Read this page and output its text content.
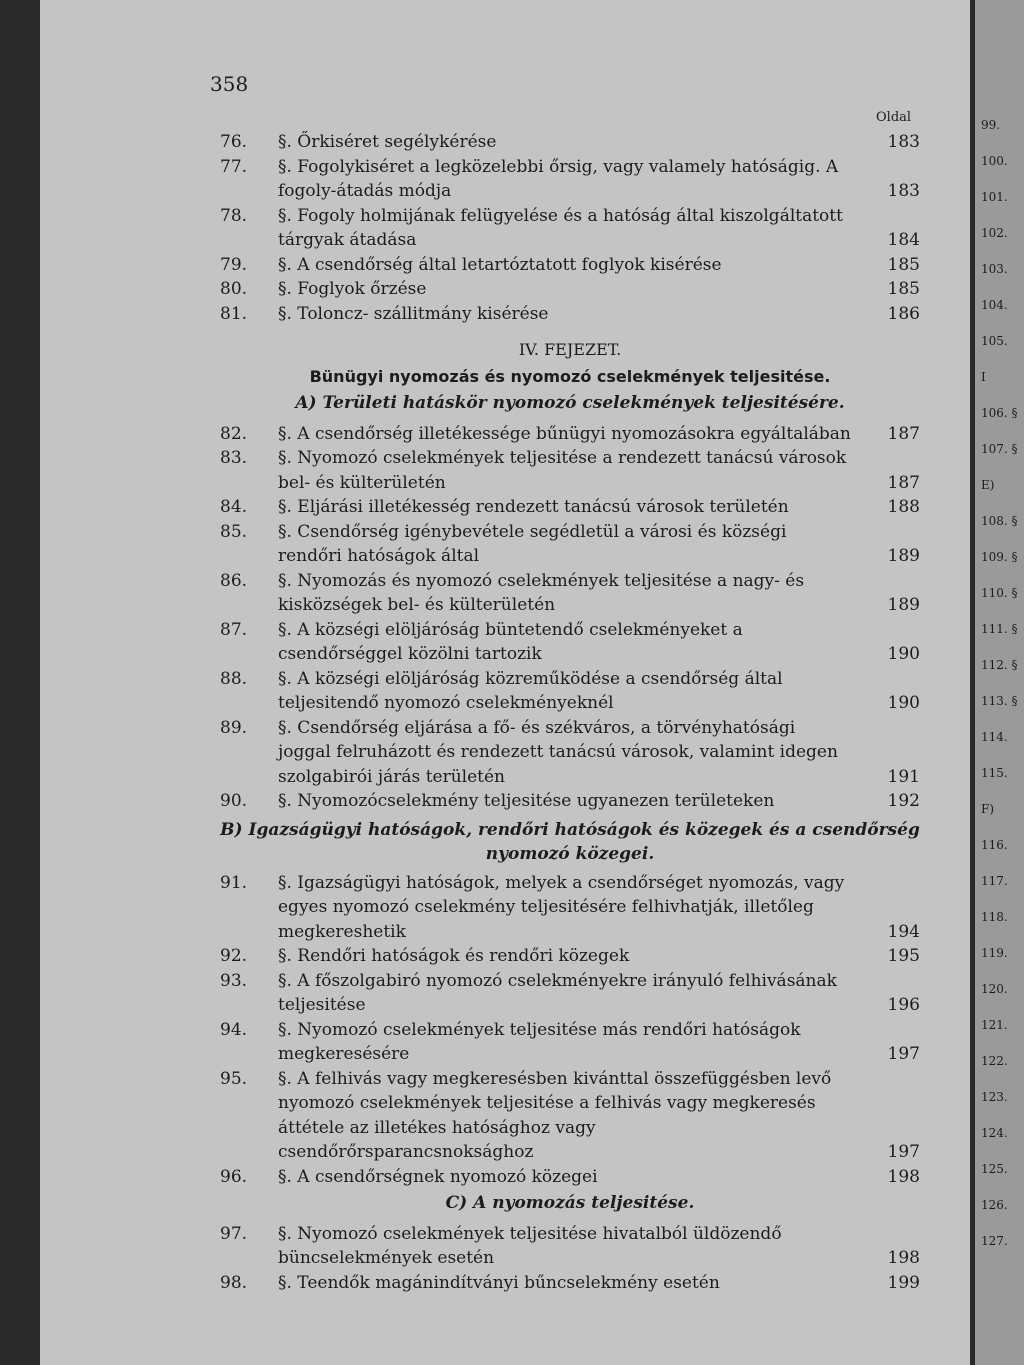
358
Oldal
76.	§. Őrkiséret segélykérése	183
77.	§. Fogolykiséret a legközelebbi őrsig, vagy valamely hatóságig. A fogoly-átadás módja	183
78.	§. Fogoly holmijának felügyelése és a hatóság által kiszolgáltatott tárgyak átadása	184
79.	§. A csendőrség által letartóztatott foglyok kisérése	185
80.	§. Foglyok őrzése	185
81.	§. Toloncz- szállitmány kisérése	186
IV. FEJEZET.
Bünügyi nyomozás és nyomozó cselekmények teljesitése.
A) Területi hatáskör nyomozó cselekmények teljesitésére.
82.	§. A csendőrség illetékessége bűnügyi nyomozásokra egyáltalában	187
83.	§. Nyomozó cselekmények teljesitése a rendezett tanácsú városok bel- és külterületén	187
84.	§. Eljárási illetékesség rendezett tanácsú városok területén	188
85.	§. Csendőrség igénybevétele segédletül a városi és községi rendőri hatóságok által	189
86.	§. Nyomozás és nyomozó cselekmények teljesitése a nagy- és kisközségek bel- és külterületén	189
87.	§. A községi elöljáróság büntetendő cselekményeket a csendőrséggel közölni tartozik	190
88.	§. A községi elöljáróság közreműködése a csendőrség által teljesitendő nyomozó cselekményeknél	190
89.	§. Csendőrség eljárása a fő- és székváros, a törvényhatósági joggal felruházott és rendezett tanácsú városok, valamint idegen szolgabirói járás területén	191
90.	§. Nyomozócselekmény teljesitése ugyanezen területeken	192
B) Igazságügyi hatóságok, rendőri hatóságok és közegek és a csendőrség nyomozó közegei.
91.	§. Igazságügyi hatóságok, melyek a csendőrséget nyomozás, vagy egyes nyomozó cselekmény teljesitésére felhivhatják, illetőleg megkereshetik	194
92.	§. Rendőri hatóságok és rendőri közegek	195
93.	§. A főszolgabiró nyomozó cselekményekre irányuló felhivásának teljesitése	196
94.	§. Nyomozó cselekmények teljesitése más rendőri hatóságok megkeresésére	197
95.	§. A felhivás vagy megkeresésben kivánttal összefüggésben levő nyomozó cselekmények teljesitése a felhivás vagy megkeresés áttétele az illetékes hatósághoz vagy csendőrőrsparancsnoksághoz	197
96.	§. A csendőrségnek nyomozó közegei	198
C) A nyomozás teljesitése.
97.	§. Nyomozó cselekmények teljesitése hivatalból üldözendő büncselekmények esetén	198
98.	§. Teendők magánindítványi bűncselekmény esetén	199
99.
100.
101.
102.
103.
104.
105.
I
106. §
107. §
E)
108. §
109. §
110. §
111. §
112. §
113. §
114.
115.
F)
116.
117.
118.
119.
120.
121.
122.
123.
124.
125.
126.
127.
